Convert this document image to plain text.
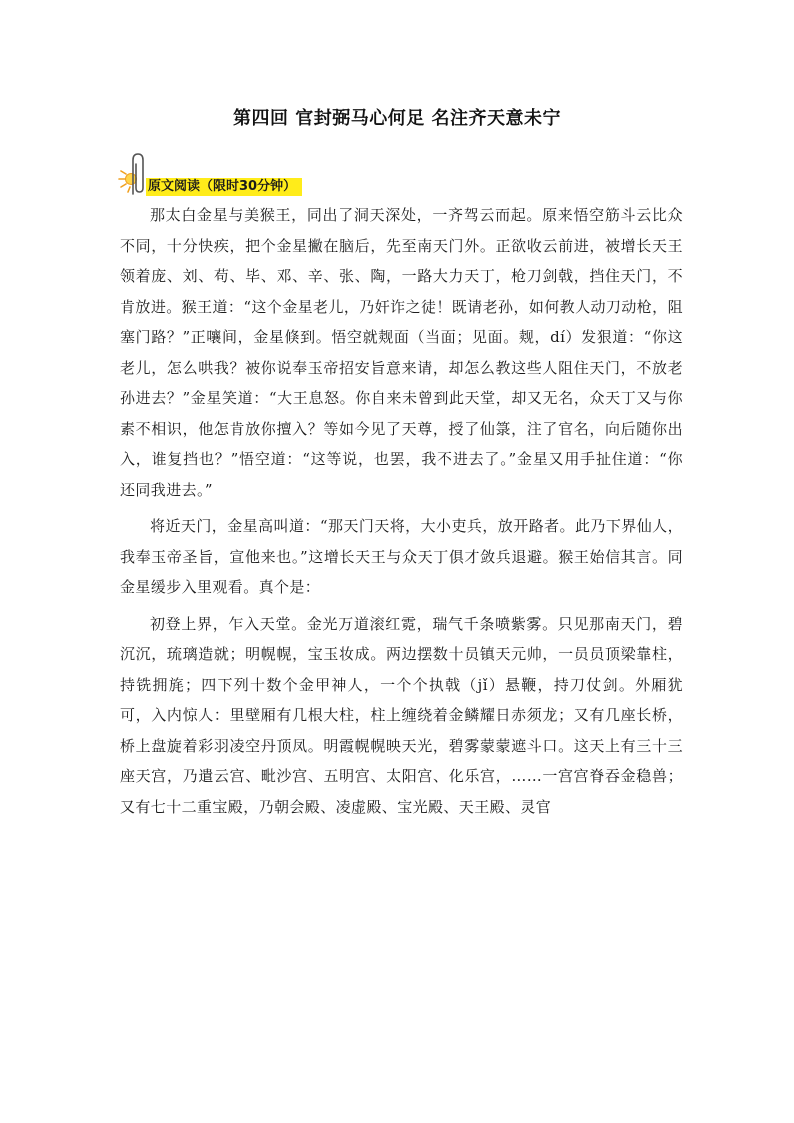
第四回 官封弼马心何足 名注齐天意未宁
原文阅读（限时30分钟）

那太白金星与美猴王，同出了洞天深处，一齐驾云而起。原来悟空筋斗云比众不同，十分快疾，把个金星撇在脑后，先至南天门外。正欲收云前进，被增长天王领着庞、刘、苟、毕、邓、辛、张、陶，一路大力天丁，枪刀剑戟，挡住天门，不肯放进。猴王道：“这个金星老儿，乃奸诈之徒！既请老孙，如何教人动刀动枪，阻塞门路？”正嚷间，金星倏到。悟空就觌面（当面；见面。觌，dí）发狠道：“你这老儿，怎么哄我？被你说奉玉帝招安旨意来请，却怎么教这些人阻住天门，不放老孙进去？”金星笑道：“大王息怒。你自来未曾到此天堂，却又无名，众天丁又与你素不相识，他怎肯放你擅入？等如今见了天尊，授了仙箓，注了官名，向后随你出入，谁复挡也？”悟空道：“这等说，也罢，我不进去了。”金星又用手扯住道：“你还同我进去。”

将近天门，金星高叫道：“那天门天将，大小吏兵，放开路者。此乃下界仙人，我奉玉帝圣旨，宣他来也。”这增长天王与众天丁俱才敛兵退避。猴王始信其言。同金星缓步入里观看。真个是：

初登上界，乍入天堂。金光万道滚红霓，瑞气千条喷紫雾。只见那南天门，碧沉沉，琉璃造就；明幌幌，宝玉妆成。两边摆数十员镇天元帅，一员员顶梁靠柱，持铣拥旄；四下列十数个金甲神人，一个个执戟（jǐ）悬鞭，持刀仗剑。外厢犹可，入内惊人：里壁厢有几根大柱，柱上缠绕着金鳞耀日赤须龙；又有几座长桥，桥上盘旋着彩羽凌空丹顶凤。明霞幌幌映天光，碧雾蒙蒙遮斗口。这天上有三十三座天宫，乃遣云宫、毗沙宫、五明宫、太阳宫、化乐宫，……一宫宫脊吞金稳兽；又有七十二重宝殿，乃朝会殿、凌虚殿、宝光殿、天王殿、灵官
